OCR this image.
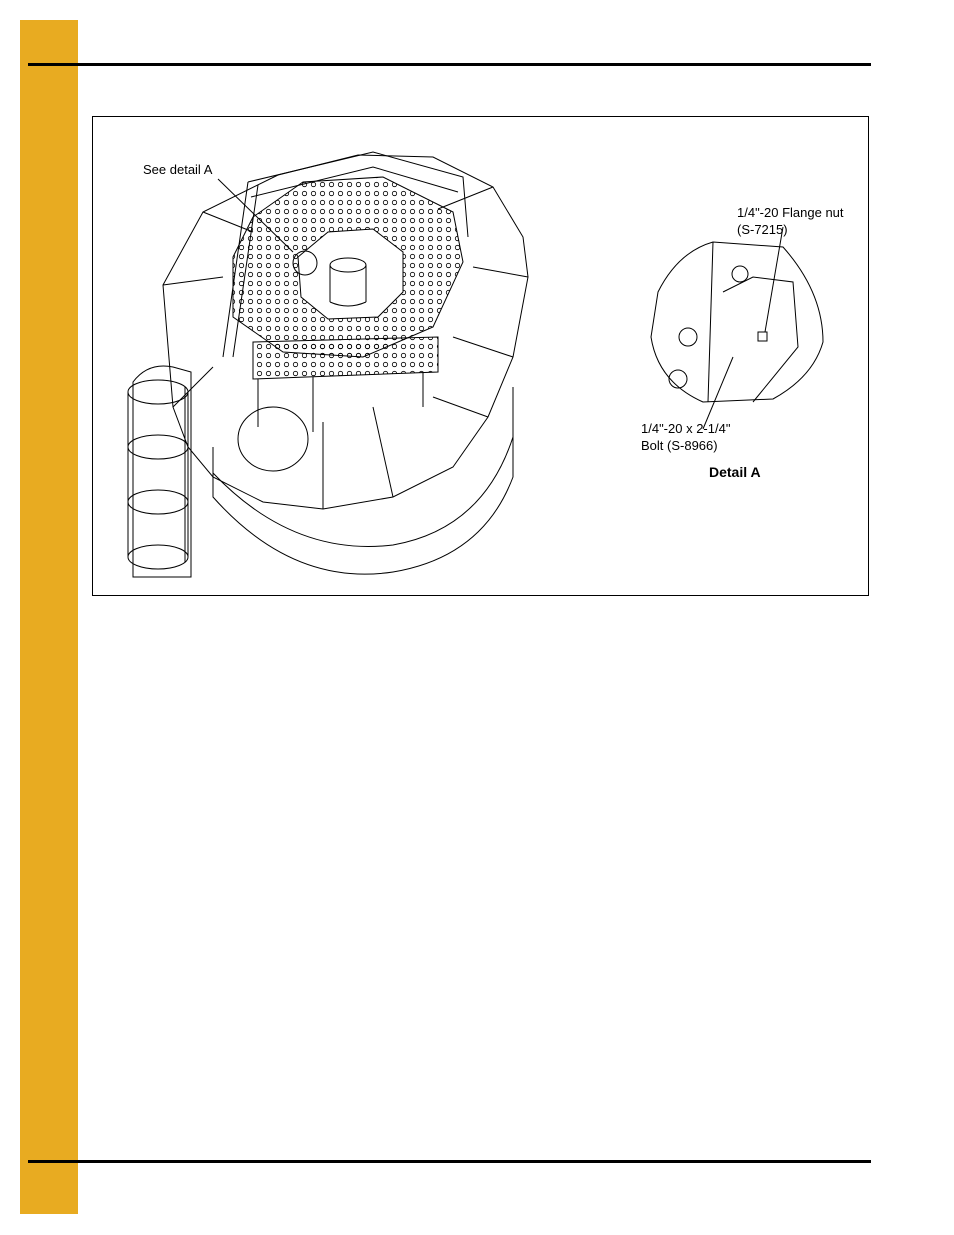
See detail A
1/4"-20 Flange nut
(S-7215)
1/4"-20 x 2-1/4"
Bolt (S-8966)
Detail A
